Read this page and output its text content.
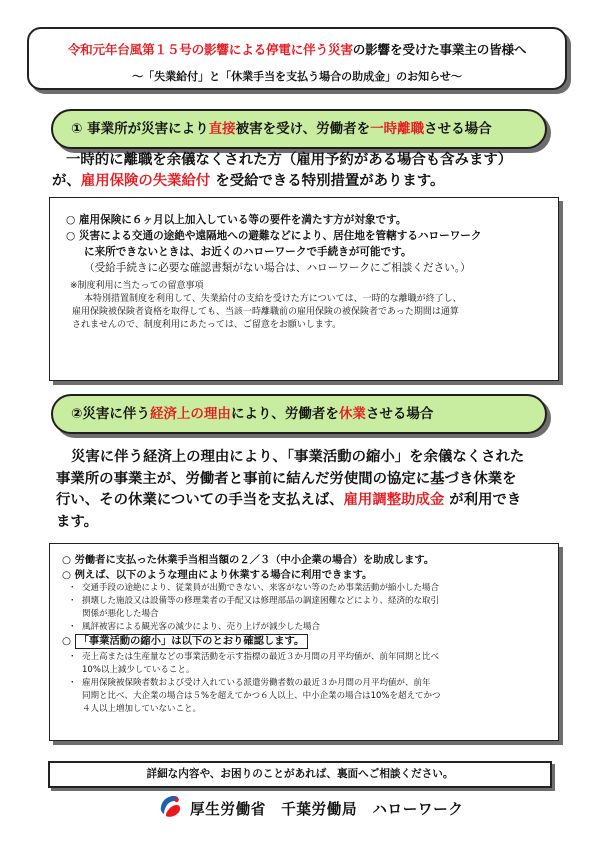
令和元年台風第１５号の影響による停電に伴う災害の影響を受けた事業主の皆様へ
～「失業給付」と「休業手当を支払う場合の助成金」のお知らせ～
① 事業所が災害により直接被害を受け、労働者を一時離職させる場合
一時的に離職を余儀なくされた方（雇用予約がある場合も含みます）
が、雇用保険の失業給付 を受給できる特別措置があります。
○ 雇用保険に６ヶ月以上加入している等の要件を満たす方が対象です。
○ 災害による交通の途絶や遠隔地への避難などにより、居住地を管轄するハローワーク
に来所できないときは、お近くのハローワークで手続きが可能です。
（受給手続きに必要な確認書類がない場合は、ハローワークにご相談ください。）
※制度利用に当たっての留意事項
本特別措置制度を利用して、失業給付の支給を受けた方については、一時的な離職が終了し、
雇用保険被保険者資格を取得しても、当該一時離職前の雇用保険の被保険者であった期間は通算
されませんので、制度利用にあたっては、ご留意をお願いします。
②災害に伴う経済上の理由により、労働者を休業させる場合
災害に伴う経済上の理由により、「事業活動の縮小」を余儀なくされた
事業所の事業主が、労働者と事前に結んだ労使間の協定に基づき休業を
行い、その休業についての手当を支払えば、雇用調整助成金 が利用でき
ます。
○ 労働者に支払った休業手当相当額の２／３（中小企業の場合）を助成します。
○ 例えば、以下のような理由により休業する場合に利用できます。
・ 交通手段の途絶により、従業員が出勤できない、来客がない等のため事業活動が縮小した場合
・ 損壊した施設又は設備等の修理業者の手配又は修理部品の調達困難などにより、経済的な取引
関係が悪化した場合
・ 風評被害による観光客の減少により、売り上げが減少した場合
○ 「事業活動の縮小」は以下のとおり確認します。
・ 売上高または生産量などの事業活動を示す指標の最近３か月間の月平均値が、前年同期と比べ
10%以上減少していること。
・ 雇用保険被保険者数および受け入れている派遣労働者数の最近３か月間の月平均値が、前年
同期と比べ、大企業の場合は５%を超えてかつ６人以上、中小企業の場合は10%を超えてかつ
４人以上増加していないこと。
詳細な内容や、お困りのことがあれば、裏面へご相談ください。
厚生労働省　千葉労働局　ハローワーク
